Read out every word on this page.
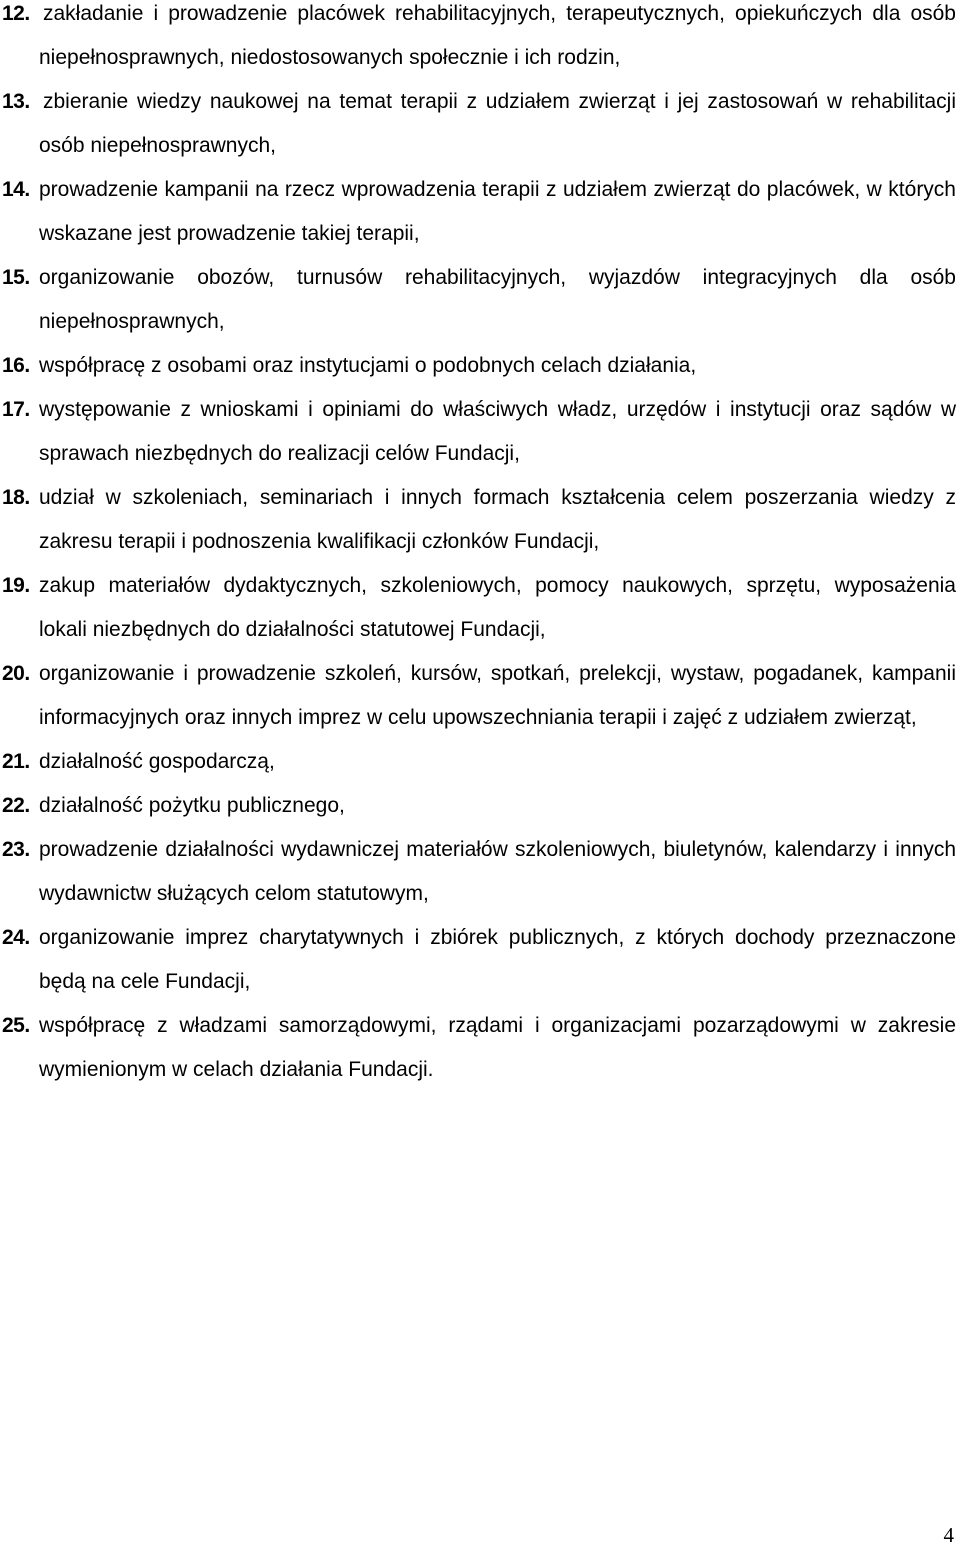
12. zakładanie i prowadzenie placówek rehabilitacyjnych, terapeutycznych, opiekuńczych dla osób niepełnosprawnych, niedostosowanych społecznie i ich rodzin,
13. zbieranie wiedzy naukowej na temat terapii z udziałem zwierząt i jej zastosowań w rehabilitacji osób niepełnosprawnych,
14. prowadzenie kampanii na rzecz wprowadzenia terapii z udziałem zwierząt do placówek, w których wskazane jest prowadzenie takiej terapii,
15. organizowanie obozów, turnusów rehabilitacyjnych, wyjazdów integracyjnych dla osób niepełnosprawnych,
16. współpracę z osobami oraz instytucjami o podobnych celach działania,
17. występowanie z wnioskami i opiniami do właściwych władz, urzędów i instytucji oraz sądów w sprawach niezbędnych do realizacji celów Fundacji,
18. udział w szkoleniach, seminariach i innych formach kształcenia celem poszerzania wiedzy z zakresu terapii i podnoszenia kwalifikacji członków Fundacji,
19. zakup materiałów dydaktycznych, szkoleniowych, pomocy naukowych, sprzętu, wyposażenia lokali niezbędnych do działalności statutowej Fundacji,
20. organizowanie i prowadzenie szkoleń, kursów, spotkań, prelekcji, wystaw, pogadanek, kampanii informacyjnych oraz innych imprez w celu upowszechniania terapii i zajęć z udziałem zwierząt,
21. działalność gospodarczą,
22. działalność pożytku publicznego,
23. prowadzenie działalności wydawniczej materiałów szkoleniowych, biuletynów, kalendarzy i innych wydawnictw służących celom statutowym,
24. organizowanie imprez charytatywnych i zbiórek publicznych, z których dochody przeznaczone będą na cele Fundacji,
25. współpracę z władzami samorządowymi, rządami i organizacjami pozarządowymi w zakresie wymienionym w celach działania Fundacji.
4
